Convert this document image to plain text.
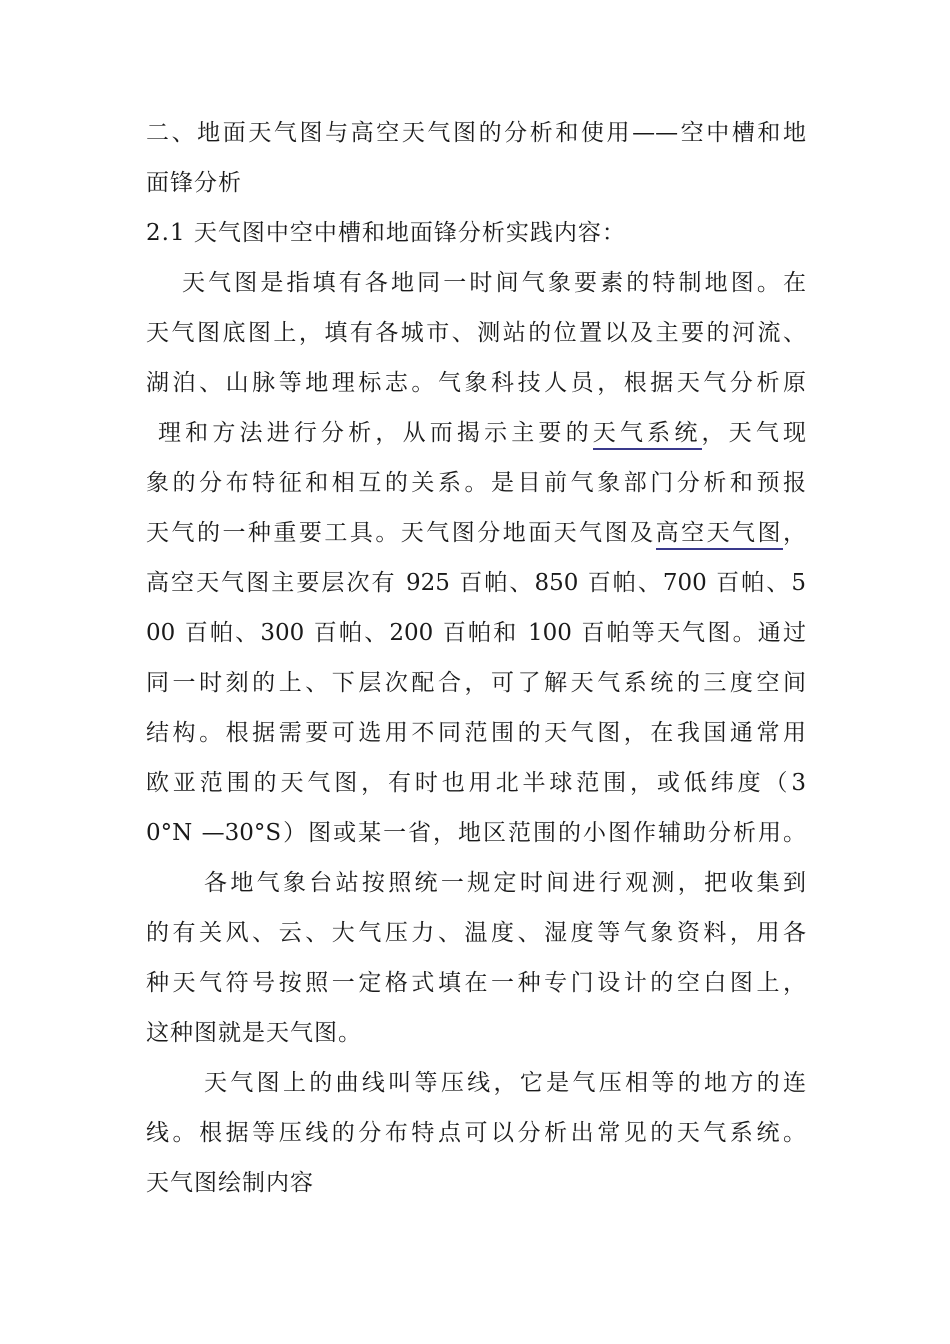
二、地面天气图与高空天气图的分析和使用——空中槽和地
面锋分析
2.1 天气图中空中槽和地面锋分析实践内容：
天气图是指填有各地同一时间气象要素的特制地图。在
天气图底图上，填有各城市、测站的位置以及主要的河流、
湖泊、山脉等地理标志。气象科技人员，根据天气分析原
理和方法进行分析，从而揭示主要的天气系统，天气现
象的分布特征和相互的关系。是目前气象部门分析和预报
天气的一种重要工具。天气图分地面天气图及高空天气图，
高空天气图主要层次有 925 百帕、850 百帕、700 百帕、5
00 百帕、300 百帕、200 百帕和 100 百帕等天气图。通过
同一时刻的上、下层次配合，可了解天气系统的三度空间
结构。根据需要可选用不同范围的天气图，在我国通常用
欧亚范围的天气图，有时也用北半球范围，或低纬度（3
0°N —30°S）图或某一省，地区范围的小图作辅助分析用。
各地气象台站按照统一规定时间进行观测，把收集到
的有关风、云、大气压力、温度、湿度等气象资料，用各
种天气符号按照一定格式填在一种专门设计的空白图上，
这种图就是天气图。
天气图上的曲线叫等压线，它是气压相等的地方的连
线。根据等压线的分布特点可以分析出常见的天气系统。
天气图绘制内容
